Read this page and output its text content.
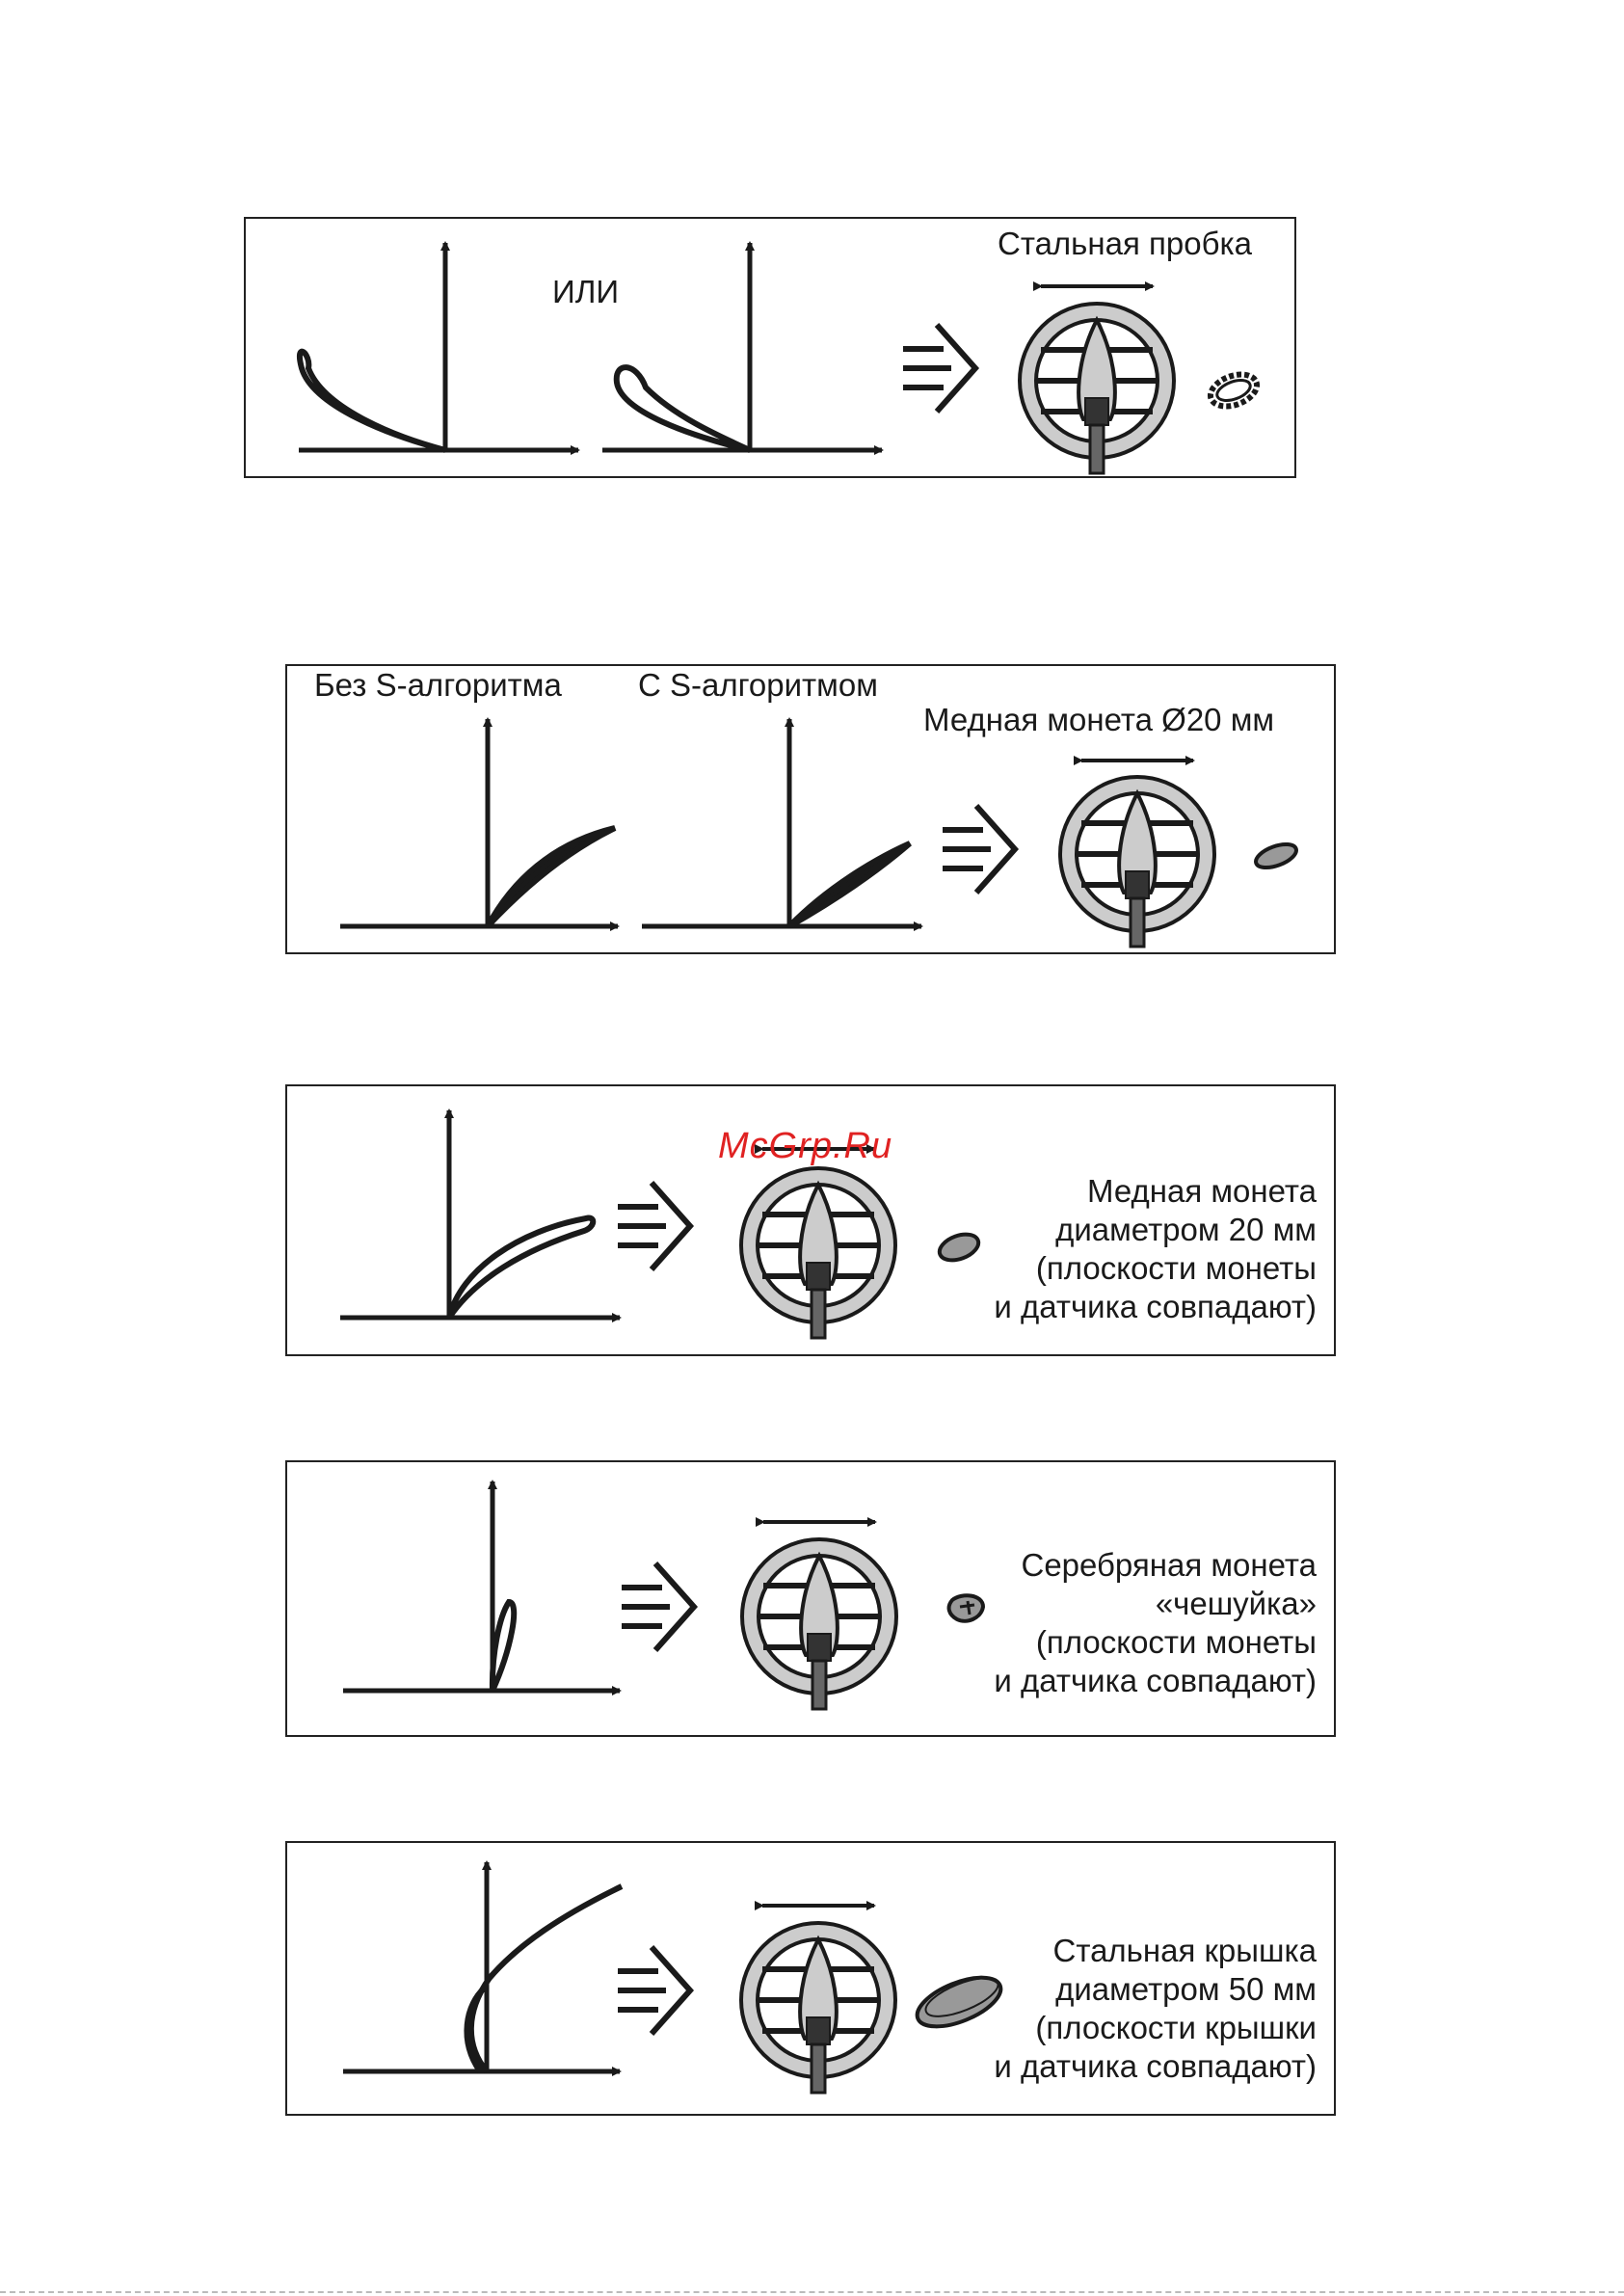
ИЛИ
Стальная пробка
Без S-алгоритма С S-алгоритмом
Медная монета Ø20 мм
Медная монета
диаметром 20 мм
(плоскости монеты
и датчика совпадают)
Серебряная монета
«чешуйка»
(плоскости монеты
и датчика совпадают)
Стальная крышка
диаметром 50 мм
(плоскости крышки
и датчика совпадают)
McGrp.Ru
